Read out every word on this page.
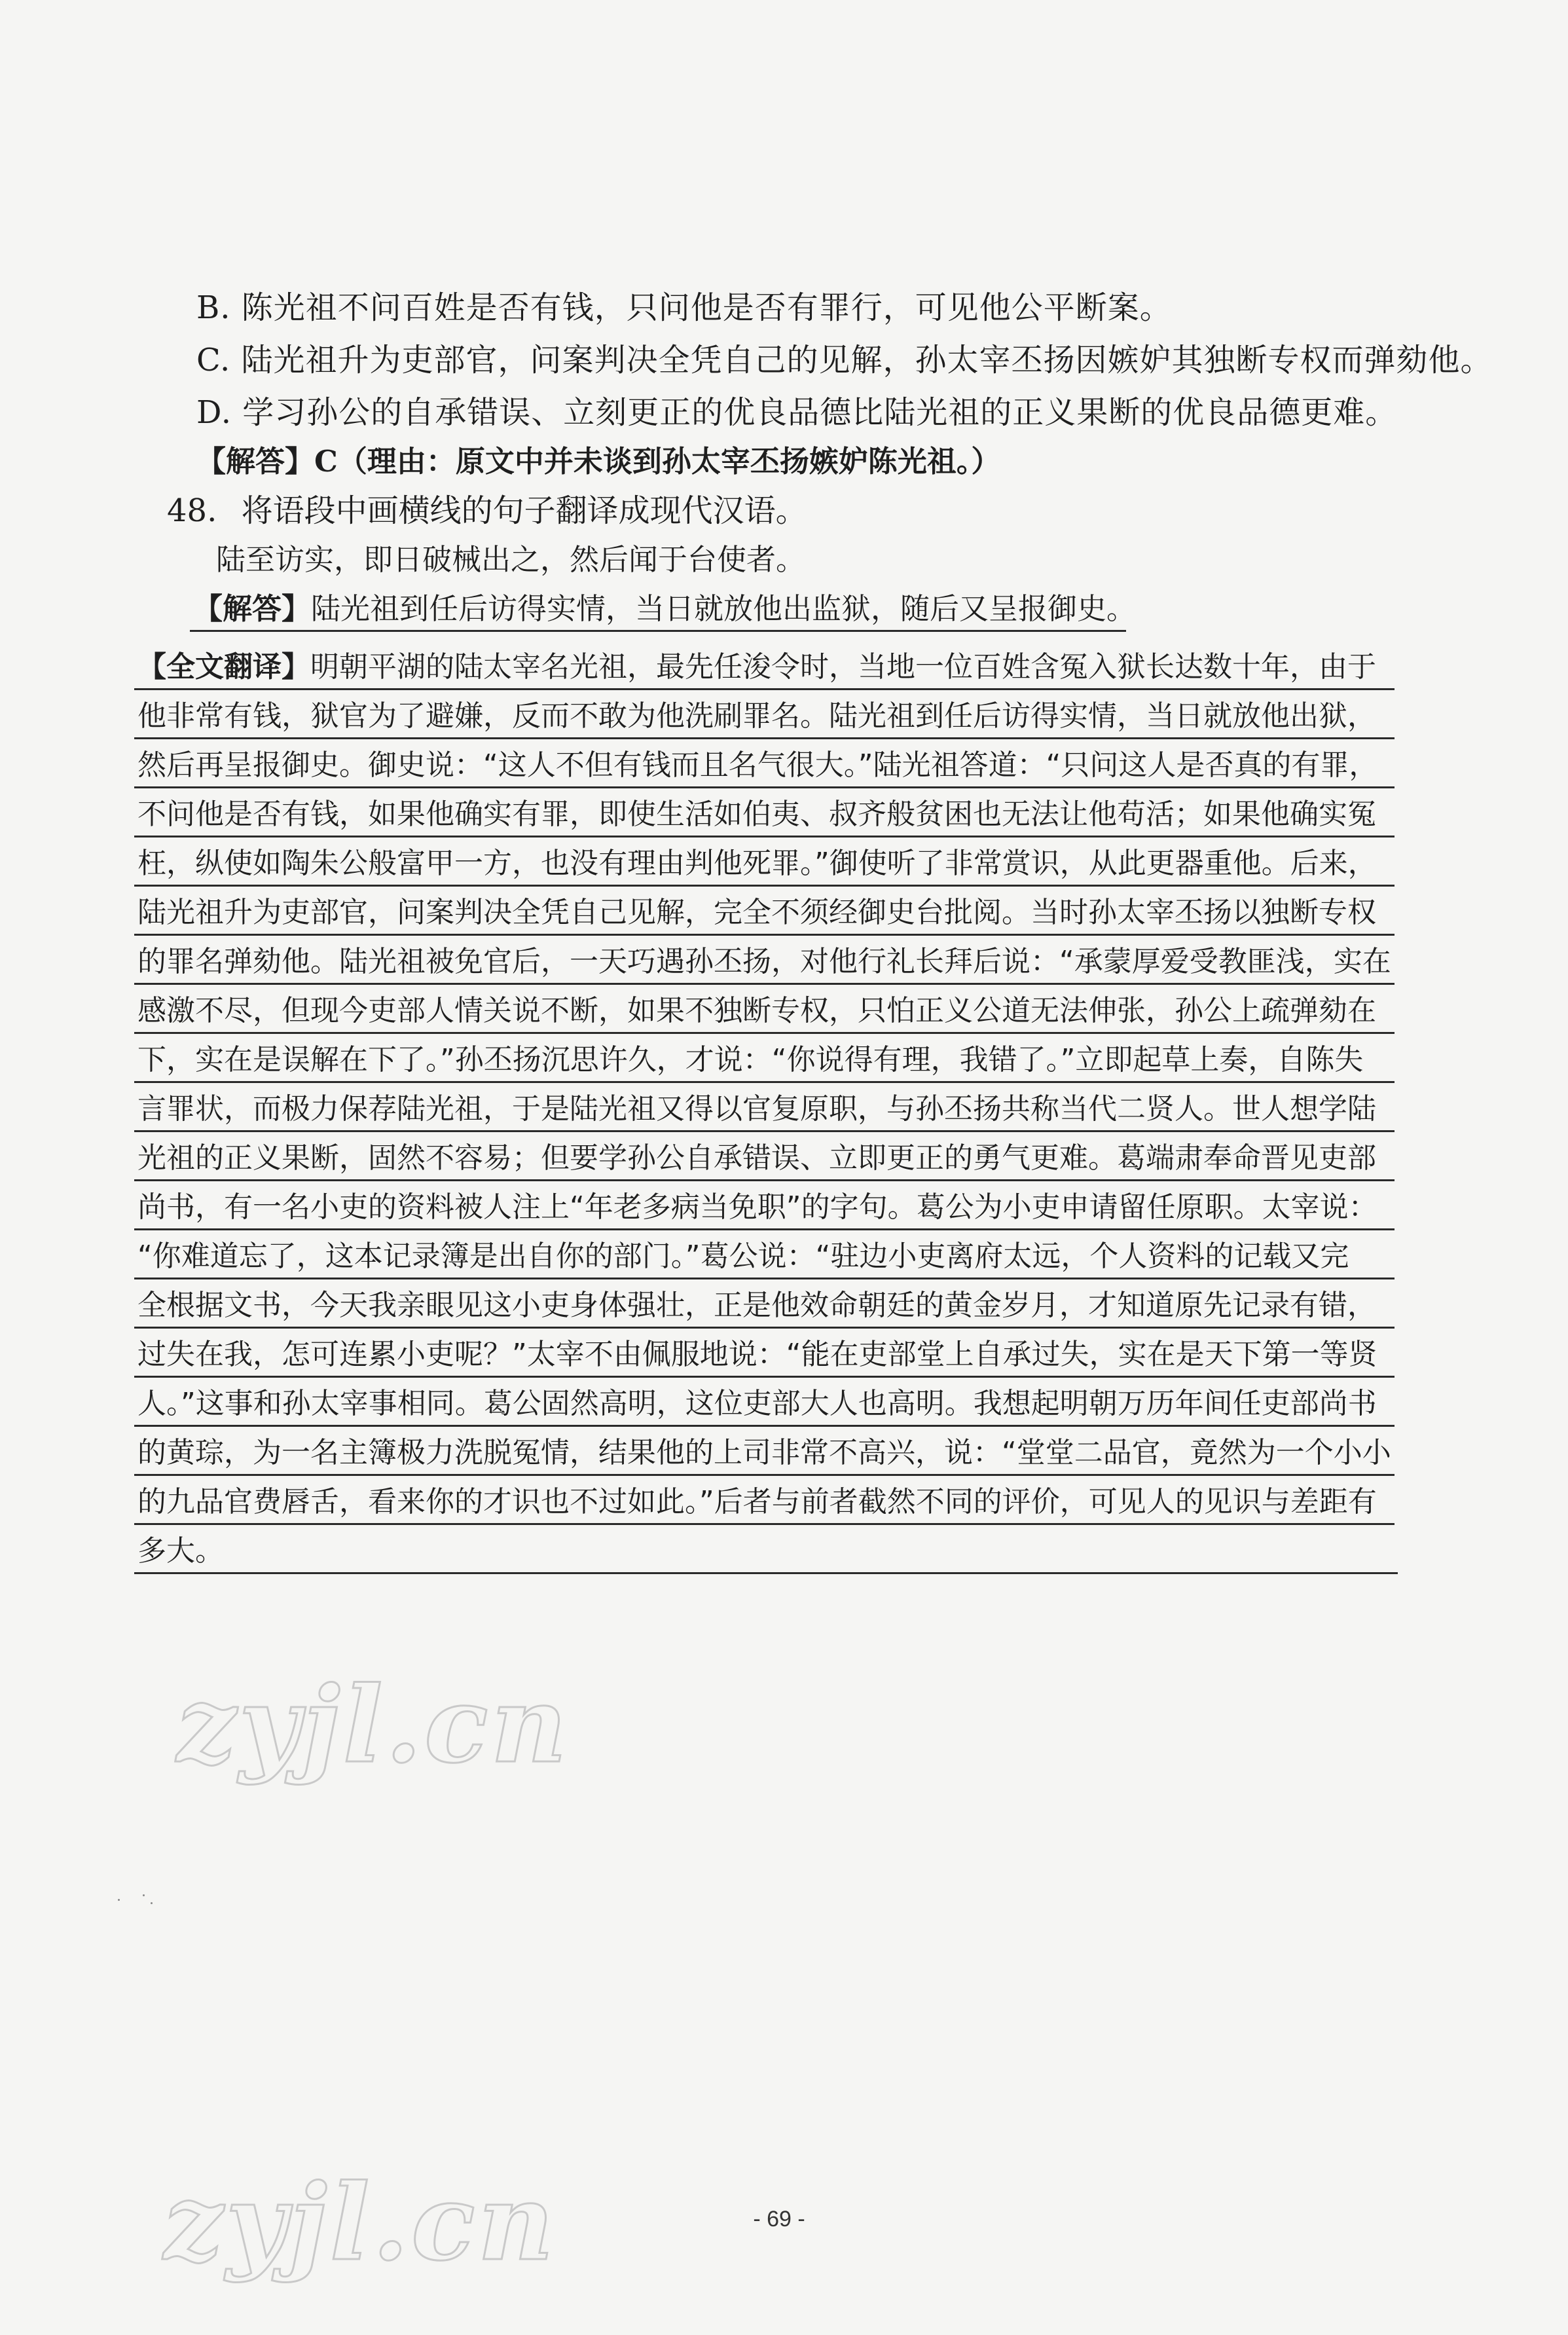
B. 陈光祖不问百姓是否有钱，只问他是否有罪行，可见他公平断案。
C. 陆光祖升为吏部官，问案判决全凭自己的见解，孙太宰丕扬因嫉妒其独断专权而弹劾他。
D. 学习孙公的自承错误、立刻更正的优良品德比陆光祖的正义果断的优良品德更难。
【解答】C（理由：原文中并未谈到孙太宰丕扬嫉妒陈光祖。）
48. 将语段中画横线的句子翻译成现代汉语。
陆至访实，即日破械出之，然后闻于台使者。
【解答】陆光祖到任后访得实情，当日就放他出监狱，随后又呈报御史。
【全文翻译】明朝平湖的陆太宰名光祖，最先任浚令时，当地一位百姓含冤入狱长达数十年，由于
他非常有钱，狱官为了避嫌，反而不敢为他洗刷罪名。陆光祖到任后访得实情，当日就放他出狱，
然后再呈报御史。御史说：“这人不但有钱而且名气很大。”陆光祖答道：“只问这人是否真的有罪，
不问他是否有钱，如果他确实有罪，即使生活如伯夷、叔齐般贫困也无法让他苟活；如果他确实冤
枉，纵使如陶朱公般富甲一方，也没有理由判他死罪。”御使听了非常赏识，从此更器重他。后来，
陆光祖升为吏部官，问案判决全凭自己见解，完全不须经御史台批阅。当时孙太宰丕扬以独断专权
的罪名弹劾他。陆光祖被免官后，一天巧遇孙丕扬，对他行礼长拜后说：“承蒙厚爱受教匪浅，实在
感激不尽，但现今吏部人情关说不断，如果不独断专权，只怕正义公道无法伸张，孙公上疏弹劾在
下，实在是误解在下了。”孙丕扬沉思许久，才说：“你说得有理，我错了。”立即起草上奏，自陈失
言罪状，而极力保荐陆光祖，于是陆光祖又得以官复原职，与孙丕扬共称当代二贤人。世人想学陆
光祖的正义果断，固然不容易；但要学孙公自承错误、立即更正的勇气更难。葛端肃奉命晋见吏部
尚书，有一名小吏的资料被人注上“年老多病当免职”的字句。葛公为小吏申请留任原职。太宰说：
“你难道忘了，这本记录簿是出自你的部门。”葛公说：“驻边小吏离府太远，个人资料的记载又完
全根据文书，今天我亲眼见这小吏身体强壮，正是他效命朝廷的黄金岁月，才知道原先记录有错，
过失在我，怎可连累小吏呢？”太宰不由佩服地说：“能在吏部堂上自承过失，实在是天下第一等贤
人。”这事和孙太宰事相同。葛公固然高明，这位吏部大人也高明。我想起明朝万历年间任吏部尚书
的黄琮，为一名主簿极力洗脱冤情，结果他的上司非常不高兴，说：“堂堂二品官，竟然为一个小小
的九品官费唇舌，看来你的才识也不过如此。”后者与前者截然不同的评价，可见人的见识与差距有
多大。
zyjl.cn
zyjl.cn	- 69 -
